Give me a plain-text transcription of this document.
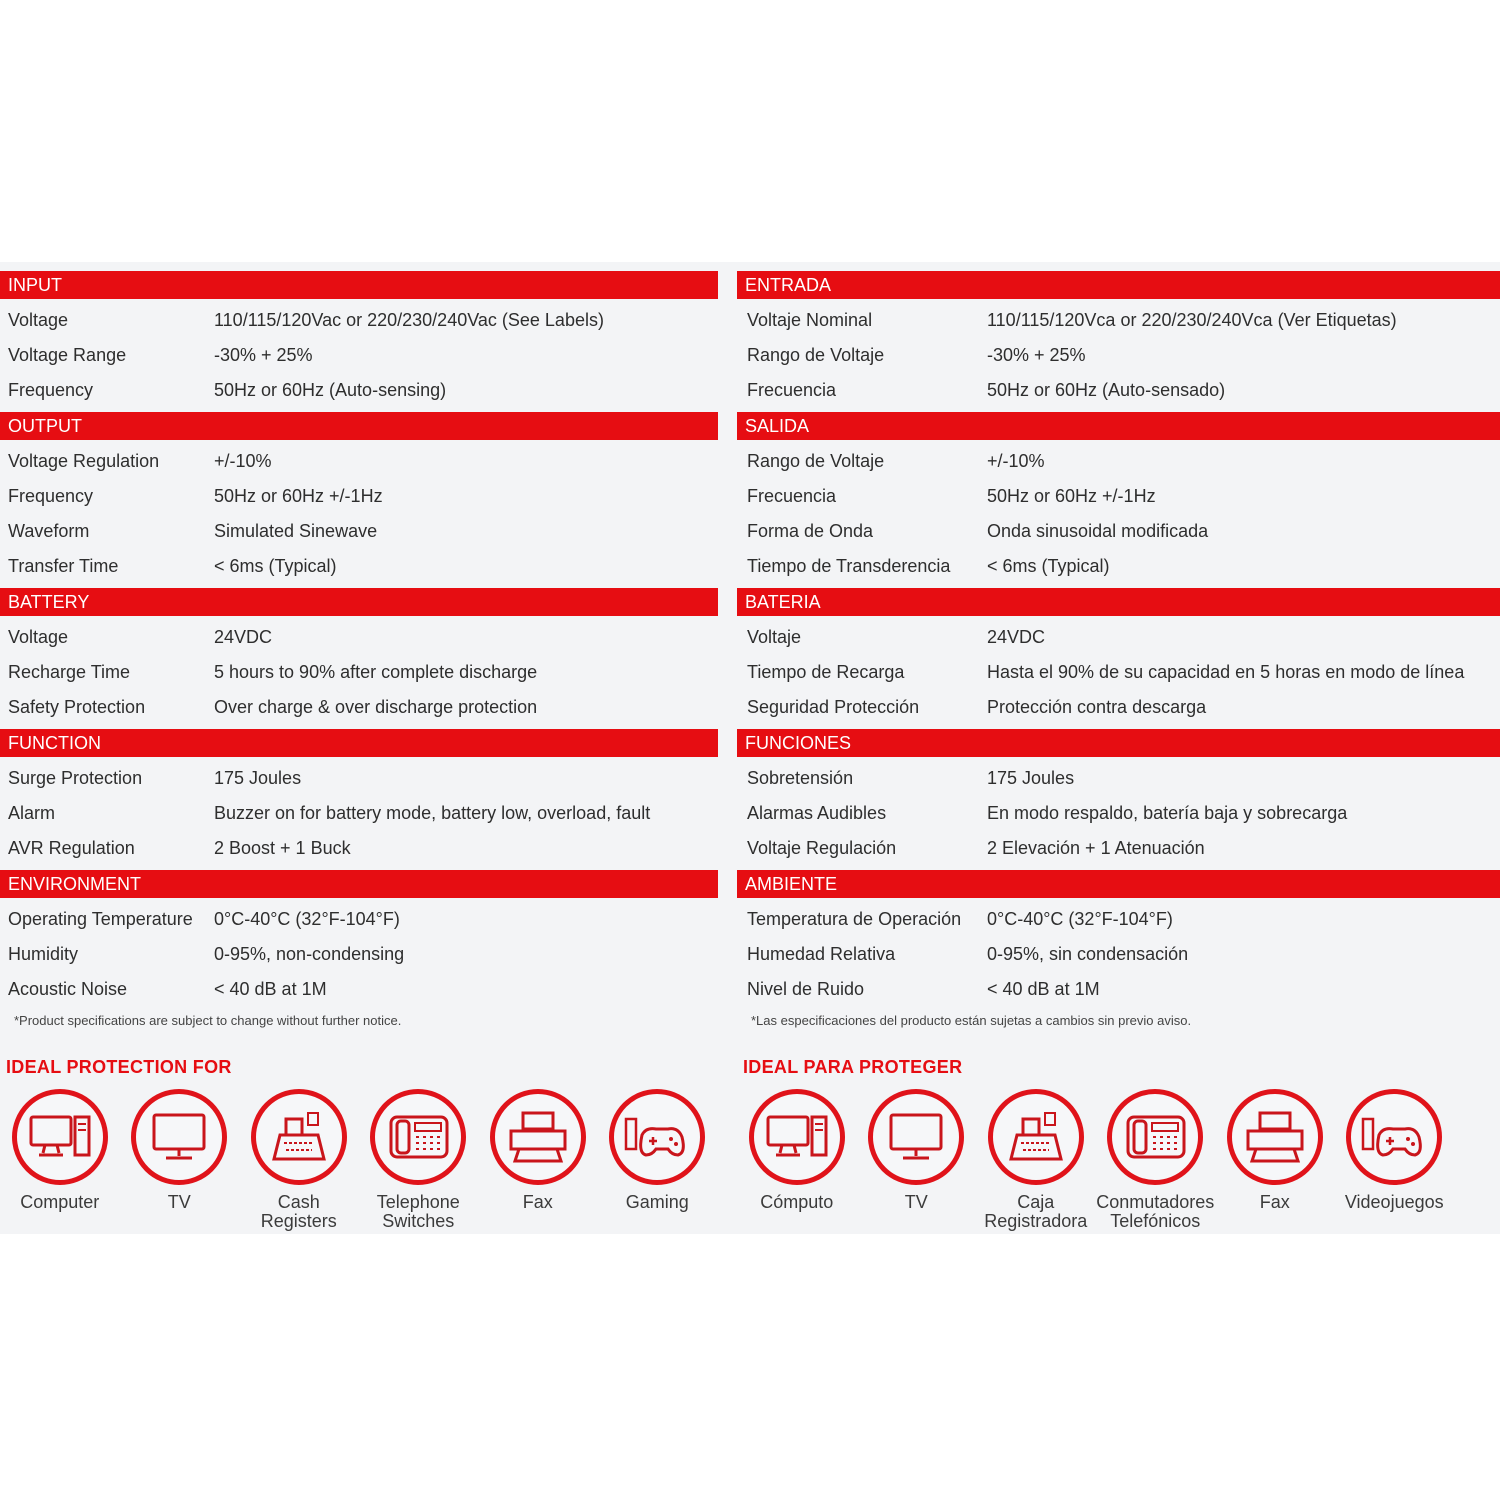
INPUT
Voltage	110/115/120Vac or 220/230/240Vac (See Labels)
Voltage Range	-30% + 25%
Frequency	50Hz or 60Hz (Auto-sensing)
OUTPUT
Voltage Regulation	+/-10%
Frequency	50Hz or 60Hz +/-1Hz
Waveform	Simulated Sinewave
Transfer Time	< 6ms (Typical)
BATTERY
Voltage	24VDC
Recharge Time	5 hours to 90% after complete discharge
Safety Protection	Over charge & over discharge protection
FUNCTION
Surge Protection	175 Joules
Alarm	Buzzer on for battery mode, battery low, overload, fault
AVR Regulation	2 Boost + 1 Buck
ENVIRONMENT
Operating Temperature	0°C-40°C (32°F-104°F)
Humidity	0-95%, non-condensing
Acoustic Noise	< 40 dB at 1M
*Product specifications are subject to change without further notice.
IDEAL PROTECTION FOR
Computer	TV	Cash
Registers
Telephone
Switches
Fax	Gaming
ENTRADA
Voltaje Nominal	110/115/120Vca or 220/230/240Vca (Ver Etiquetas)
Rango de Voltaje	-30% + 25%
Frecuencia	50Hz or 60Hz (Auto-sensado)
SALIDA
Rango de Voltaje	+/-10%
Frecuencia	50Hz or 60Hz +/-1Hz
Forma de Onda	Onda sinusoidal modificada
Tiempo de Transderencia	< 6ms (Typical)
BATERIA
Voltaje	24VDC
Tiempo de Recarga	Hasta el 90% de su capacidad en 5 horas en modo de línea
Seguridad Protección	Protección contra descarga
FUNCIONES
Sobretensión	175 Joules
Alarmas Audibles	En modo respaldo, batería baja y sobrecarga
Voltaje Regulación	2 Elevación + 1 Atenuación
AMBIENTE
Temperatura de Operación	0°C-40°C (32°F-104°F)
Humedad Relativa	0-95%, sin condensación
Nivel de Ruido	< 40 dB at 1M
*Las especificaciones del producto están sujetas a cambios sin previo aviso.
IDEAL PARA PROTEGER
Cómputo	TV	Caja
Registradora
Conmutadores
Telefónicos
Fax	Videojuegos
